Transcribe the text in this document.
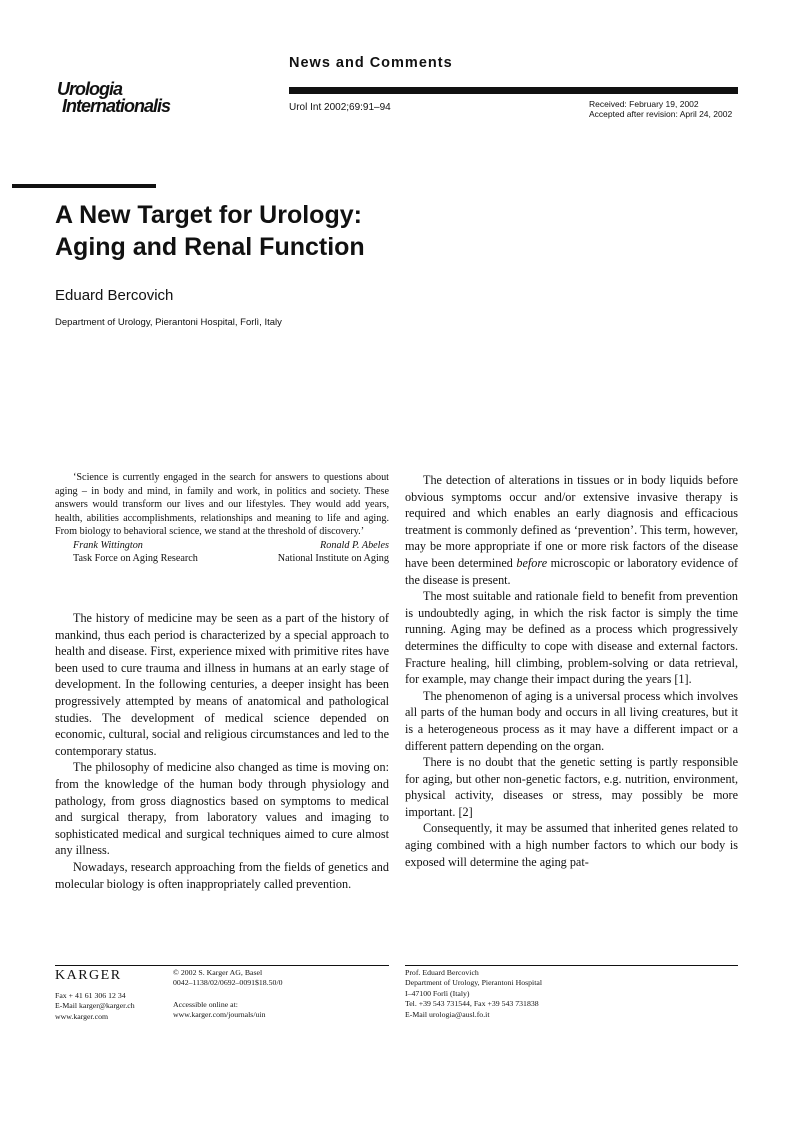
News and Comments
Urologia
Internationalis	Urol Int 2002;69:91–94	Received: February 19, 2002
Accepted after revision: April 24, 2002
A New Target for Urology:
Aging and Renal Function
Eduard Bercovich
Department of Urology, Pierantoni Hospital, Forlì, Italy

‘Science is currently engaged in the search for answers to questions about aging – in body and mind, in family and work, in politics and society. These answers would transform our lives and our lifestyles. They would add years, health, abilities accomplishments, relationships and meaning to life and aging. From biology to behavioral science, we stand at the threshold of discovery.’

Frank Wittington	Ronald P. Abeles
Task Force on Aging Research	National Institute on Aging

The history of medicine may be seen as a part of the history of mankind, thus each period is characterized by a special approach to health and disease. First, experience mixed with primitive rites have been used to cure trauma and illness in humans at an early stage of development. In the following centuries, a deeper insight has been progressively attempted by means of anatomical and pathological studies. The development of medical science depended on economic, cultural, social and religious circumstances and led to the contemporary status.

The philosophy of medicine also changed as time is moving on: from the knowledge of the human body through physiology and pathology, from gross diagnostics based on symptoms to medical and surgical therapy, from laboratory values and imaging to sophisticated medical and surgical techniques aimed to cure almost any illness.

Nowadays, research approaching from the fields of genetics and molecular biology is often inappropriately called prevention.

The detection of alterations in tissues or in body liquids before obvious symptoms occur and/or extensive invasive therapy is required and which enables an early diagnosis and efficacious treatment is commonly defined as ‘prevention’. This term, however, may be more appropriate if one or more risk factors of the disease have been determined before microscopic or laboratory evidence of the disease is present.

The most suitable and rationale field to benefit from prevention is undoubtedly aging, in which the risk factor is simply the time running. Aging may be defined as a process which progressively determines the difficulty to cope with disease and external factors. Fracture healing, hill climbing, problem-solving or data retrieval, for example, may change their impact during the years [1].

The phenomenon of aging is a universal process which involves all parts of the human body and occurs in all living creatures, but it is a heterogeneous process as it may have a different impact or a different pattern depending on the organ.

There is no doubt that the genetic setting is partly responsible for aging, but other non-genetic factors, e.g. nutrition, environment, physical activity, diseases or stress, may possibly be more important. [2]

Consequently, it may be assumed that inherited genes related to aging combined with a high number factors to which our body is exposed will determine the aging pat-

KARGER
Fax + 41 61 306 12 34
E-Mail karger@karger.ch
www.karger.com
© 2002 S. Karger AG, Basel
0042–1138/02/0692–0091$18.50/0
Accessible online at:
www.karger.com/journals/uin
Prof. Eduard Bercovich
Department of Urology, Pierantoni Hospital
I–47100 Forlì (Italy)
Tel. +39 543 731544, Fax +39 543 731838
E-Mail urologia@ausl.fo.it
